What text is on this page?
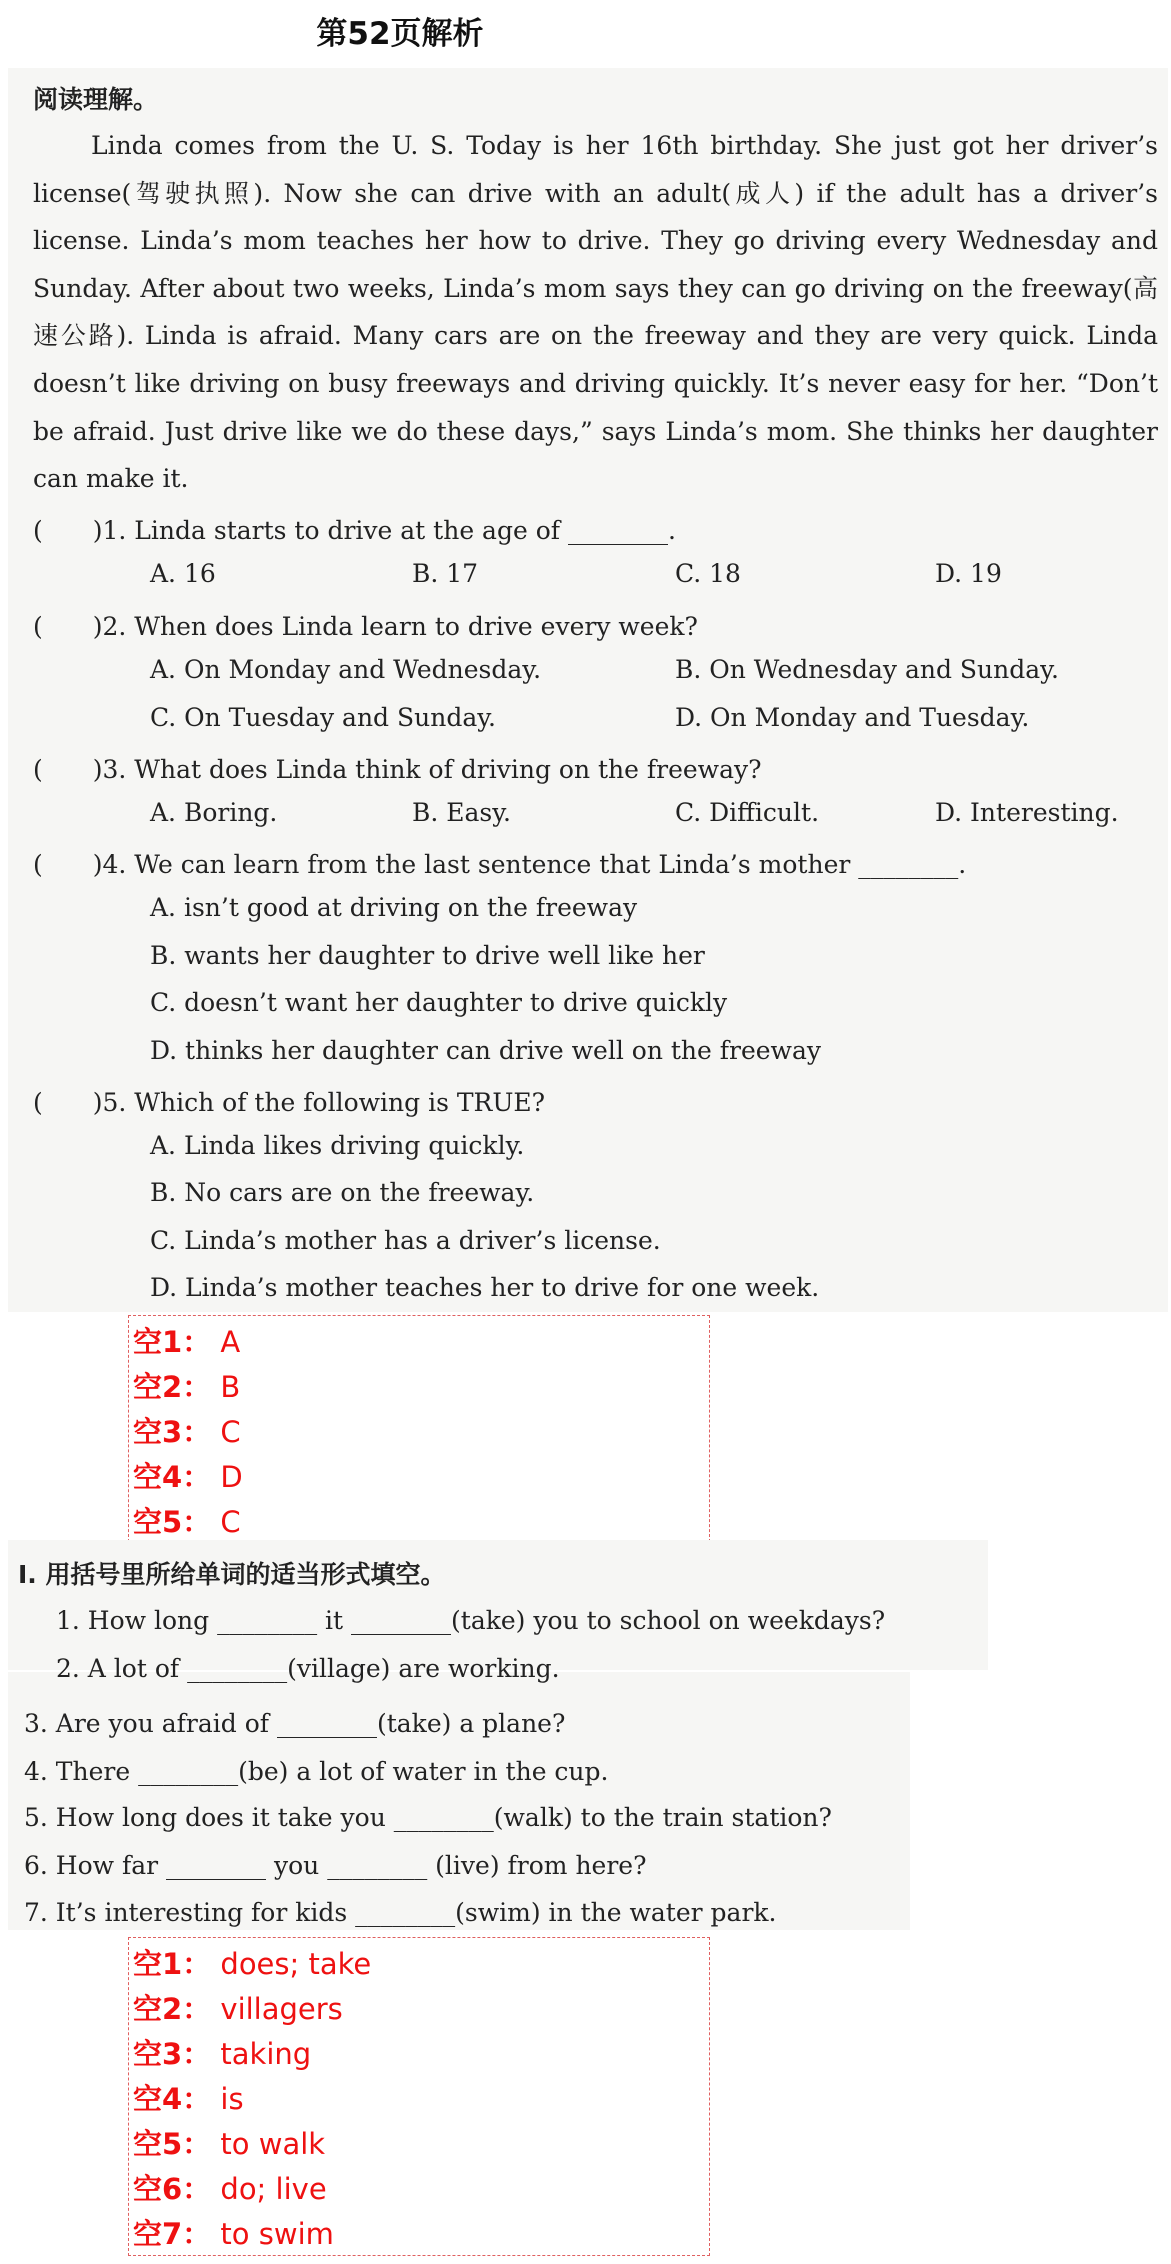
第52页解析
阅读理解。
Linda comes from the U. S. Today is her 16th birthday. She just got her driver’s license(驾驶执照). Now she can drive with an adult(成人) if the adult has a driver’s license. Linda’s mom teaches her how to drive. They go driving every Wednesday and Sunday. After about two weeks, Linda’s mom says they can go driving on the freeway(高速公路). Linda is afraid. Many cars are on the freeway and they are very quick. Linda doesn’t like driving on busy freeways and driving quickly. It’s never easy for her. “Don’t be afraid. Just drive like we do these days,” says Linda’s mom. She thinks her daughter can make it.
(　　)1. Linda starts to drive at the age of ________.
A. 16	B. 17	C. 18	D. 19
(　　)2. When does Linda learn to drive every week?
A. On Monday and Wednesday.	B. On Wednesday and Sunday.
C. On Tuesday and Sunday.	D. On Monday and Tuesday.
(　　)3. What does Linda think of driving on the freeway?
A. Boring.	B. Easy.	C. Difficult.	D. Interesting.
(　　)4. We can learn from the last sentence that Linda’s mother ________.
A. isn’t good at driving on the freeway
B. wants her daughter to drive well like her
C. doesn’t want her daughter to drive quickly
D. thinks her daughter can drive well on the freeway
(　　)5. Which of the following is TRUE?
A. Linda likes driving quickly.
B. No cars are on the freeway.
C. Linda’s mother has a driver’s license.
D. Linda’s mother teaches her to drive for one week.
空1： A
空2： B
空3： C
空4： D
空5： C
Ⅰ. 用括号里所给单词的适当形式填空。
1. How long ________ it ________(take) you to school on weekdays?
2. A lot of ________(village) are working.
3. Are you afraid of ________(take) a plane?
4. There ________(be) a lot of water in the cup.
5. How long does it take you ________(walk) to the train station?
6. How far ________ you ________ (live) from here?
7. It’s interesting for kids ________(swim) in the water park.
空1： does; take
空2： villagers
空3： taking
空4： is
空5： to walk
空6： do; live
空7： to swim
